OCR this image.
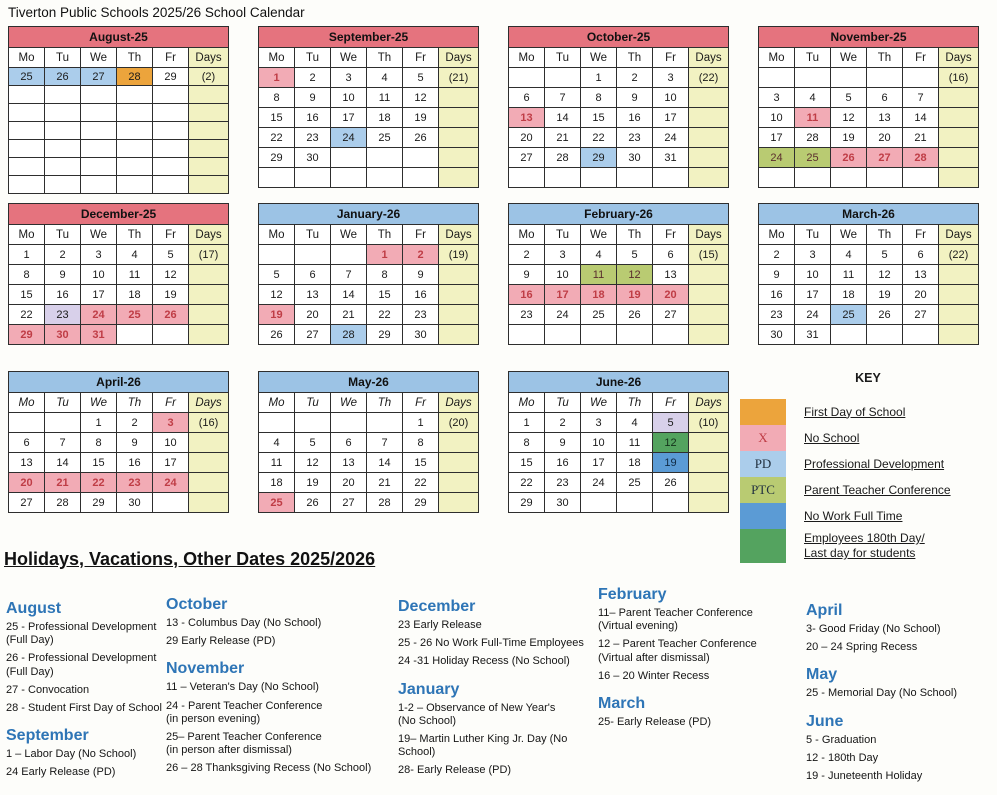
Tiverton Public Schools 2025/26 School Calendar
August-25					
Mo	Tu	We	Th	Fr	Days
25	26	27	28	29	(2)

September-25					
Mo	Tu	We	Th	Fr	Days
1	2	3	4	5	(21)
8	9	10	11	12	
15	16	17	18	19	
22	23	24	25	26	
29	30				

October-25					
Mo	Tu	We	Th	Fr	Days
		1	2	3	(22)
6	7	8	9	10	
13	14	15	16	17	
20	21	22	23	24	
27	28	29	30	31	

November-25					
Mo	Tu	We	Th	Fr	Days
					(16)
3	4	5	6	7	
10	11	12	13	14	
17	28	19	20	21	
24	25	26	27	28	

December-25					
Mo	Tu	We	Th	Fr	Days
1	2	3	4	5	(17)
8	9	10	11	12	
15	16	17	18	19	
22	23	24	25	26	
29	30	31			
January-26					
Mo	Tu	We	Th	Fr	Days
			1	2	(19)
5	6	7	8	9	
12	13	14	15	16	
19	20	21	22	23	
26	27	28	29	30	
February-26					
Mo	Tu	We	Th	Fr	Days
2	3	4	5	6	(15)
9	10	11	12	13	
16	17	18	19	20	
23	24	25	26	27	

March-26					
Mo	Tu	We	Th	Fr	Days
2	3	4	5	6	(22)
9	10	11	12	13	
16	17	18	19	20	
23	24	25	26	27	
30	31				
April-26					
Mo	Tu	We	Th	Fr	Days
		1	2	3	(16)
6	7	8	9	10	
13	14	15	16	17	
20	21	22	23	24	
27	28	29	30		
May-26					
Mo	Tu	We	Th	Fr	Days
				1	(20)
4	5	6	7	8	
11	12	13	14	15	
18	19	20	21	22	
25	26	27	28	29	
June-26					
Mo	Tu	We	Th	Fr	Days
1	2	3	4	5	(10)
8	9	10	11	12	
15	16	17	18	19	
22	23	24	25	26	
29	30				
KEY
First Day of School
X	No School
PD	Professional Development
PTC	Parent Teacher Conference
No Work Full Time
Employees 180th Day/
Last day for students
Holidays, Vacations, Other Dates 2025/2026
August
25 - Professional Development
(Full Day)
26 - Professional Development
(Full Day)
27 - Convocation
28 - Student First Day of School
September
1 – Labor Day (No School)
24 Early Release (PD)
October
13 - Columbus Day (No School)
29 Early Release (PD)
November
11 – Veteran's Day (No School)
24 - Parent Teacher Conference
(in person evening)
25– Parent Teacher Conference
(in person after dismissal)
26 – 28 Thanksgiving Recess (No School)
December
23 Early Release
25 - 26 No Work Full-Time Employees
24 -31 Holiday Recess (No School)
January
1-2 – Observance of New Year's
(No School)
19– Martin Luther King Jr. Day (No School)
28- Early Release (PD)
February
11– Parent Teacher Conference
(Virtual evening)
12 – Parent Teacher Conference
(Virtual after dismissal)
16 – 20 Winter Recess
March
25- Early Release (PD)
April
3- Good Friday (No School)
20 – 24 Spring Recess
May
25 - Memorial Day (No School)
June
5 - Graduation
12 - 180th Day
19 - Juneteenth Holiday
